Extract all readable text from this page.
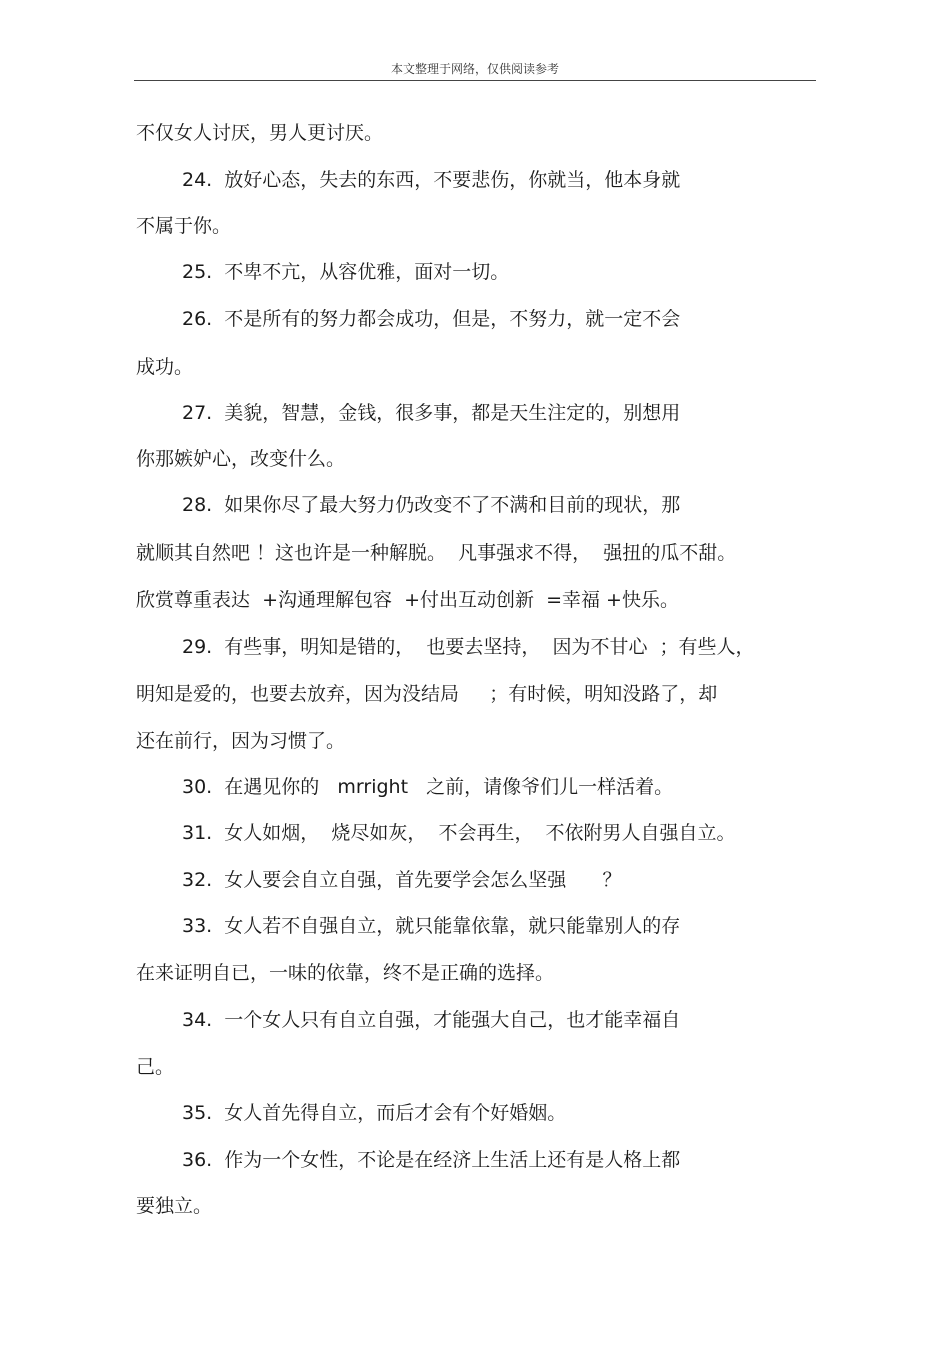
本文整理于网络，仅供阅读参考
不仅女人讨厌，男人更讨厌。
24.  放好心态，失去的东西，不要悲伤，你就当，他本身就
不属于你。
25.  不卑不亢，从容优雅，面对一切。
26.  不是所有的努力都会成功，但是，不努力，就一定不会
成功。
27.  美貌，智慧，金钱，很多事，都是天生注定的，别想用
你那嫉妒心，改变什么。
28.  如果你尽了最大努力仍改变不了不满和目前的现状，那
就顺其自然吧 ！这也许是一种解脱。  凡事强求不得，  强扭的瓜不甜。
欣赏尊重表达  +沟通理解包容  +付出互动创新  =幸福 +快乐。
29.  有些事，明知是错的，  也要去坚持，  因为不甘心  ；有些人，
明知是爱的，也要去放弃，因为没结局     ；有时候，明知没路了，却
还在前行，因为习惯了。
30.  在遇见你的   mrright   之前，请像爷们儿一样活着。
31.  女人如烟，  烧尽如灰，  不会再生，  不依附男人自强自立。
32.  女人要会自立自强，首先要学会怎么坚强      ？
33.  女人若不自强自立，就只能靠依靠，就只能靠别人的存
在来证明自已，一味的依靠，终不是正确的选择。
34.  一个女人只有自立自强，才能强大自己，也才能幸福自
己。
35.  女人首先得自立，而后才会有个好婚姻。
36.  作为一个女性，不论是在经济上生活上还有是人格上都
要独立。
